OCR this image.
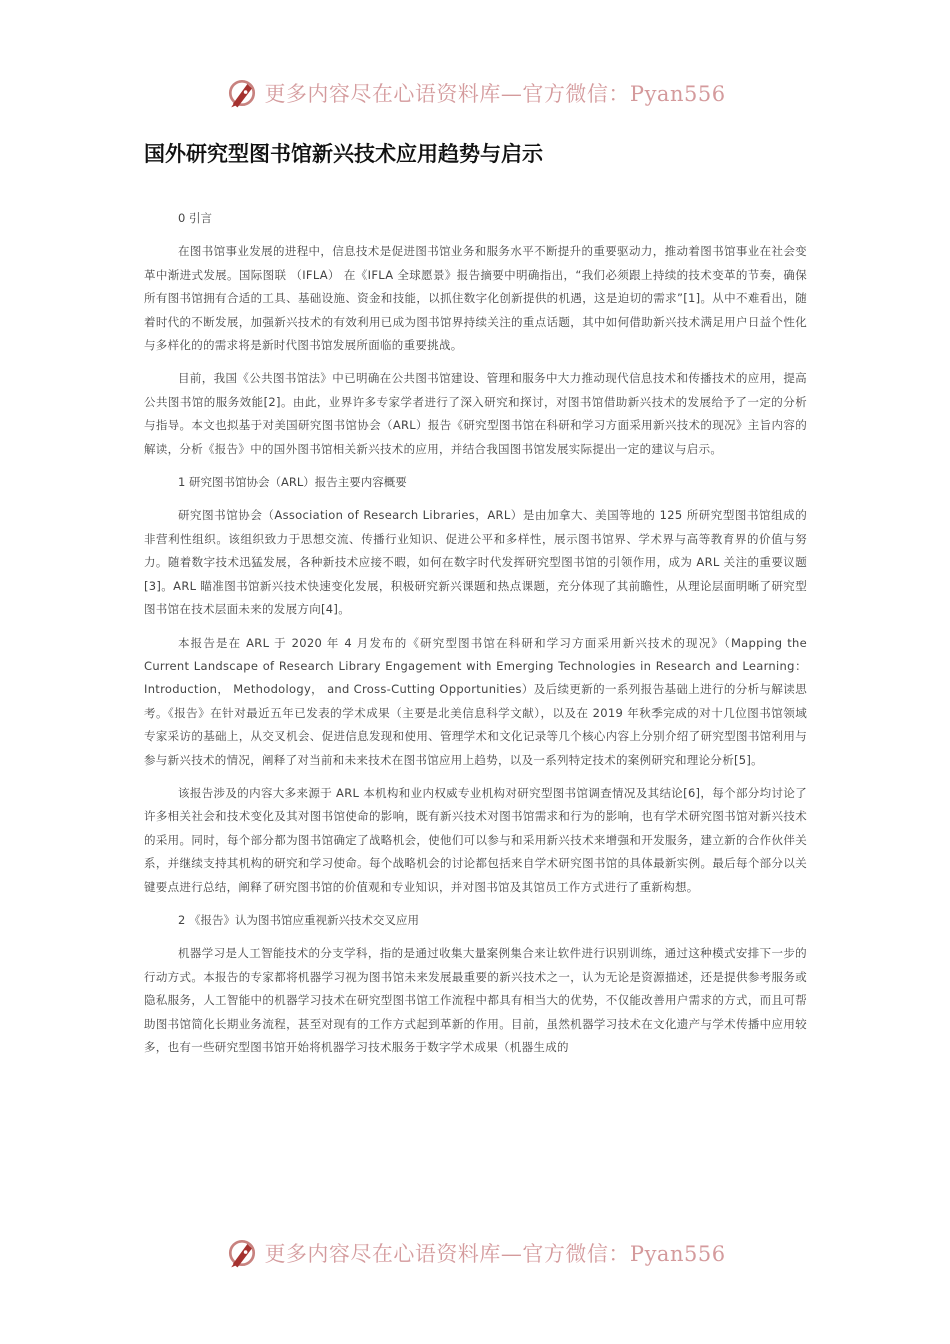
更多内容尽在心语资料库—官方微信：Pyan556
国外研究型图书馆新兴技术应用趋势与启示

0 引言

在图书馆事业发展的进程中，信息技术是促进图书馆业务和服务水平不断提升的重要驱动力，推动着图书馆事业在社会变革中渐进式发展。国际图联 （IFLA） 在《IFLA 全球愿景》报告摘要中明确指出，“我们必须跟上持续的技术变革的节奏，确保所有图书馆拥有合适的工具、基础设施、资金和技能，以抓住数字化创新提供的机遇，这是迫切的需求”[1]。从中不难看出，随着时代的不断发展，加强新兴技术的有效利用已成为图书馆界持续关注的重点话题，其中如何借助新兴技术满足用户日益个性化与多样化的的需求将是新时代图书馆发展所面临的重要挑战。

目前，我国《公共图书馆法》中已明确在公共图书馆建设、管理和服务中大力推动现代信息技术和传播技术的应用，提高公共图书馆的服务效能[2]。由此，业界许多专家学者进行了深入研究和探讨，对图书馆借助新兴技术的发展给予了一定的分析与指导。本文也拟基于对美国研究图书馆协会（ARL）报告《研究型图书馆在科研和学习方面采用新兴技术的现况》主旨内容的解读，分析《报告》中的国外图书馆相关新兴技术的应用，并结合我国图书馆发展实际提出一定的建议与启示。

1 研究图书馆协会（ARL）报告主要内容概要

研究图书馆协会（Association of Research Libraries，ARL）是由加拿大、美国等地的 125 所研究型图书馆组成的非营利性组织。该组织致力于思想交流、传播行业知识、促进公平和多样性，展示图书馆界、学术界与高等教育界的价值与努力。随着数字技术迅猛发展，各种新技术应接不暇，如何在数字时代发挥研究型图书馆的引领作用，成为 ARL 关注的重要议题[3]。ARL 瞄准图书馆新兴技术快速变化发展，积极研究新兴课题和热点课题，充分体现了其前瞻性，从理论层面明晰了研究型图书馆在技术层面未来的发展方向[4]。

本报告是在 ARL 于 2020 年 4 月发布的《研究型图书馆在科研和学习方面采用新兴技术的现况》（Mapping the Current Landscape of Research Library Engagement with Emerging Technologies in Research and Learning：Introduction， Methodology， and Cross-Cutting Opportunities）及后续更新的一系列报告基础上进行的分析与解读思考。《报告》在针对最近五年已发表的学术成果（主要是北美信息科学文献），以及在 2019 年秋季完成的对十几位图书馆领域专家采访的基础上，从交叉机会、促进信息发现和使用、管理学术和文化记录等几个核心内容上分别介绍了研究型图书馆利用与参与新兴技术的情况，阐释了对当前和未来技术在图书馆应用上趋势，以及一系列特定技术的案例研究和理论分析[5]。

该报告涉及的内容大多来源于 ARL 本机构和业内权威专业机构对研究型图书馆调查情况及其结论[6]，每个部分均讨论了许多相关社会和技术变化及其对图书馆使命的影响，既有新兴技术对图书馆需求和行为的影响，也有学术研究图书馆对新兴技术的采用。同时，每个部分都为图书馆确定了战略机会，使他们可以参与和采用新兴技术来增强和开发服务，建立新的合作伙伴关系，并继续支持其机构的研究和学习使命。每个战略机会的讨论都包括来自学术研究图书馆的具体最新实例。最后每个部分以关键要点进行总结，阐释了研究图书馆的价值观和专业知识，并对图书馆及其馆员工作方式进行了重新构想。

2 《报告》认为图书馆应重视新兴技术交叉应用

机器学习是人工智能技术的分支学科，指的是通过收集大量案例集合来让软件进行识别训练，通过这种模式安排下一步的行动方式。本报告的专家都将机器学习视为图书馆未来发展最重要的新兴技术之一，认为无论是资源描述，还是提供参考服务或隐私服务，人工智能中的机器学习技术在研究型图书馆工作流程中都具有相当大的优势，不仅能改善用户需求的方式，而且可帮助图书馆简化长期业务流程，甚至对现有的工作方式起到革新的作用。目前，虽然机器学习技术在文化遗产与学术传播中应用较多，也有一些研究型图书馆开始将机器学习技术服务于数字学术成果（机器生成的

更多内容尽在心语资料库—官方微信：Pyan556
